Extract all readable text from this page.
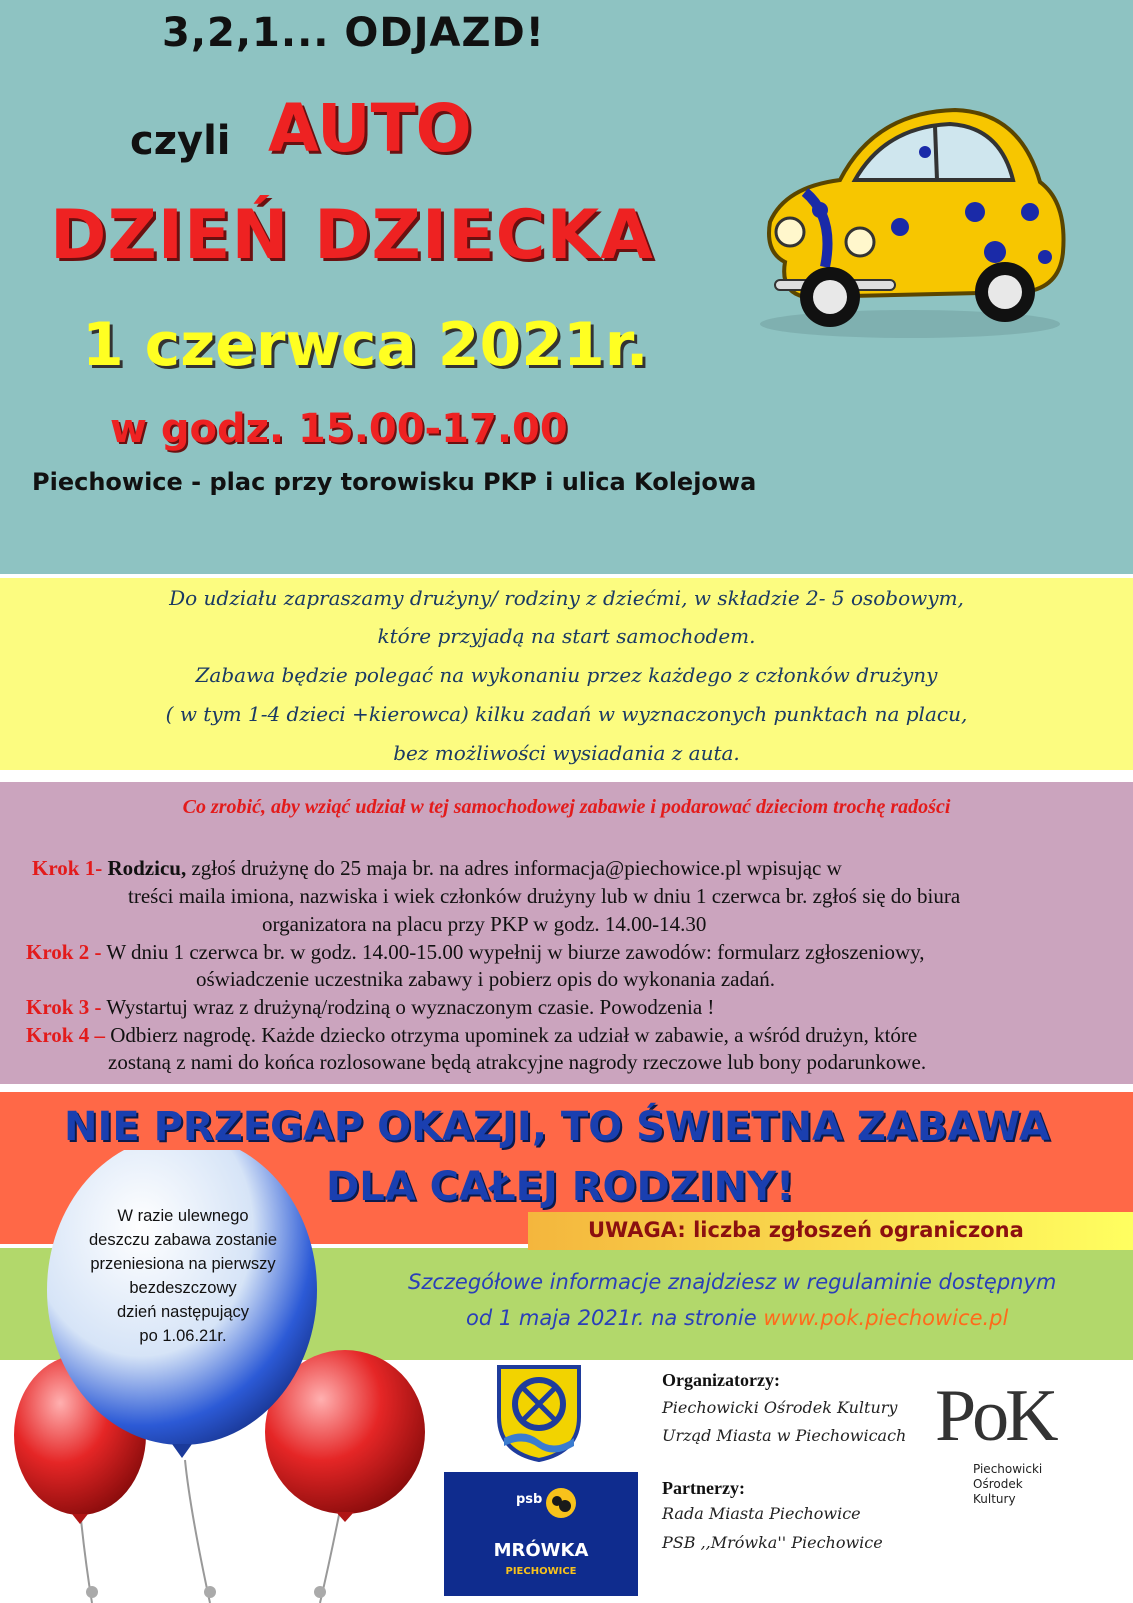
3,2,1... ODJAZD!
czyli AUTO
DZIEŃ DZIECKA
1 czerwca 2021r.
w godz. 15.00-17.00
Piechowice - plac przy torowisku PKP i ulica Kolejowa
Do udziału zapraszamy drużyny/ rodziny z dziećmi, w składzie 2- 5 osobowym,
które przyjadą na start samochodem.
Zabawa będzie polegać na wykonaniu przez każdego z członków drużyny
( w tym 1-4 dzieci +kierowca) kilku zadań w wyznaczonych punktach na placu,
bez możliwości wysiadania z auta.
Co zrobić, aby wziąć udział w tej samochodowej zabawie i podarować dzieciom trochę radości
Krok 1- Rodzicu, zgłoś drużynę do 25 maja br. na adres informacja@piechowice.pl wpisując w
treści maila imiona, nazwiska i wiek członków drużyny lub w dniu 1 czerwca br. zgłoś się do biura
organizatora na placu przy PKP w godz. 14.00-14.30
Krok 2 - W dniu 1 czerwca br. w godz. 14.00-15.00 wypełnij w biurze zawodów: formularz zgłoszeniowy,
oświadczenie uczestnika zabawy i pobierz opis do wykonania zadań.
Krok 3 - Wystartuj wraz z drużyną/rodziną o wyznaczonym czasie. Powodzenia !
Krok 4 – Odbierz nagrodę. Każde dziecko otrzyma upominek za udział w zabawie, a wśród drużyn, które
zostaną z nami do końca rozlosowane będą atrakcyjne nagrody rzeczowe lub bony podarunkowe.
NIE PRZEGAP OKAZJI, TO ŚWIETNA ZABAWA
DLA CAŁEJ RODZINY!
Szczegółowe informacje znajdziesz w regulaminie dostępnym
od 1 maja 2021r. na stronie www.pok.piechowice.pl
UWAGA: liczba zgłoszeń ograniczona
psb
MRÓWKA
PIECHOWICE
Organizatorzy:
Piechowicki Ośrodek Kultury
Urząd Miasta w Piechowicach
Partnerzy:
Rada Miasta Piechowice
PSB ,,Mrówka'' Piechowice
PoK
Piechowicki
Ośrodek
Kultury
W razie ulewnego
deszczu zabawa zostanie
przeniesiona na pierwszy
bezdeszczowy
dzień następujący
po 1.06.21r.
